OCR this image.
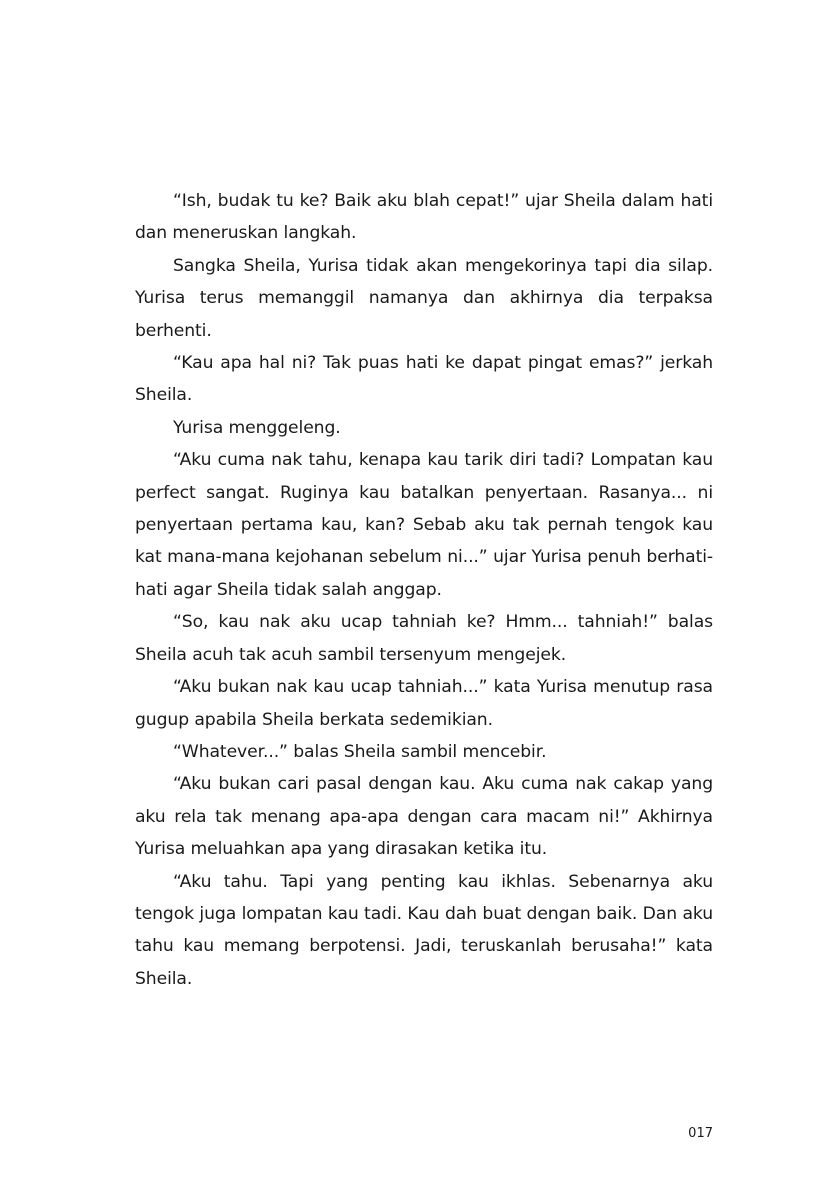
“Ish, budak tu ke? Baik aku blah cepat!” ujar Sheila dalam hati dan meneruskan langkah.

Sangka Sheila, Yurisa tidak akan mengekorinya tapi dia silap. Yurisa terus memanggil namanya dan akhirnya dia terpaksa berhenti.

“Kau apa hal ni? Tak puas hati ke dapat pingat emas?” jerkah Sheila.

Yurisa menggeleng.

“Aku cuma nak tahu, kenapa kau tarik diri tadi? Lompatan kau perfect sangat. Ruginya kau batalkan penyertaan. Rasanya... ni penyertaan pertama kau, kan? Sebab aku tak pernah tengok kau kat mana-mana kejohanan sebelum ni...” ujar Yurisa penuh berhati-hati agar Sheila tidak salah anggap.

“So, kau nak aku ucap tahniah ke? Hmm... tahniah!” balas Sheila acuh tak acuh sambil tersenyum mengejek.

“Aku bukan nak kau ucap tahniah...” kata Yurisa menutup rasa gugup apabila Sheila berkata sedemikian.

“Whatever...” balas Sheila sambil mencebir.

“Aku bukan cari pasal dengan kau. Aku cuma nak cakap yang aku rela tak menang apa-apa dengan cara macam ni!” Akhirnya Yurisa meluahkan apa yang dirasakan ketika itu.

“Aku tahu. Tapi yang penting kau ikhlas. Sebenarnya aku tengok juga lompatan kau tadi. Kau dah buat dengan baik. Dan aku tahu kau memang berpotensi. Jadi, teruskanlah berusaha!” kata Sheila.

017
